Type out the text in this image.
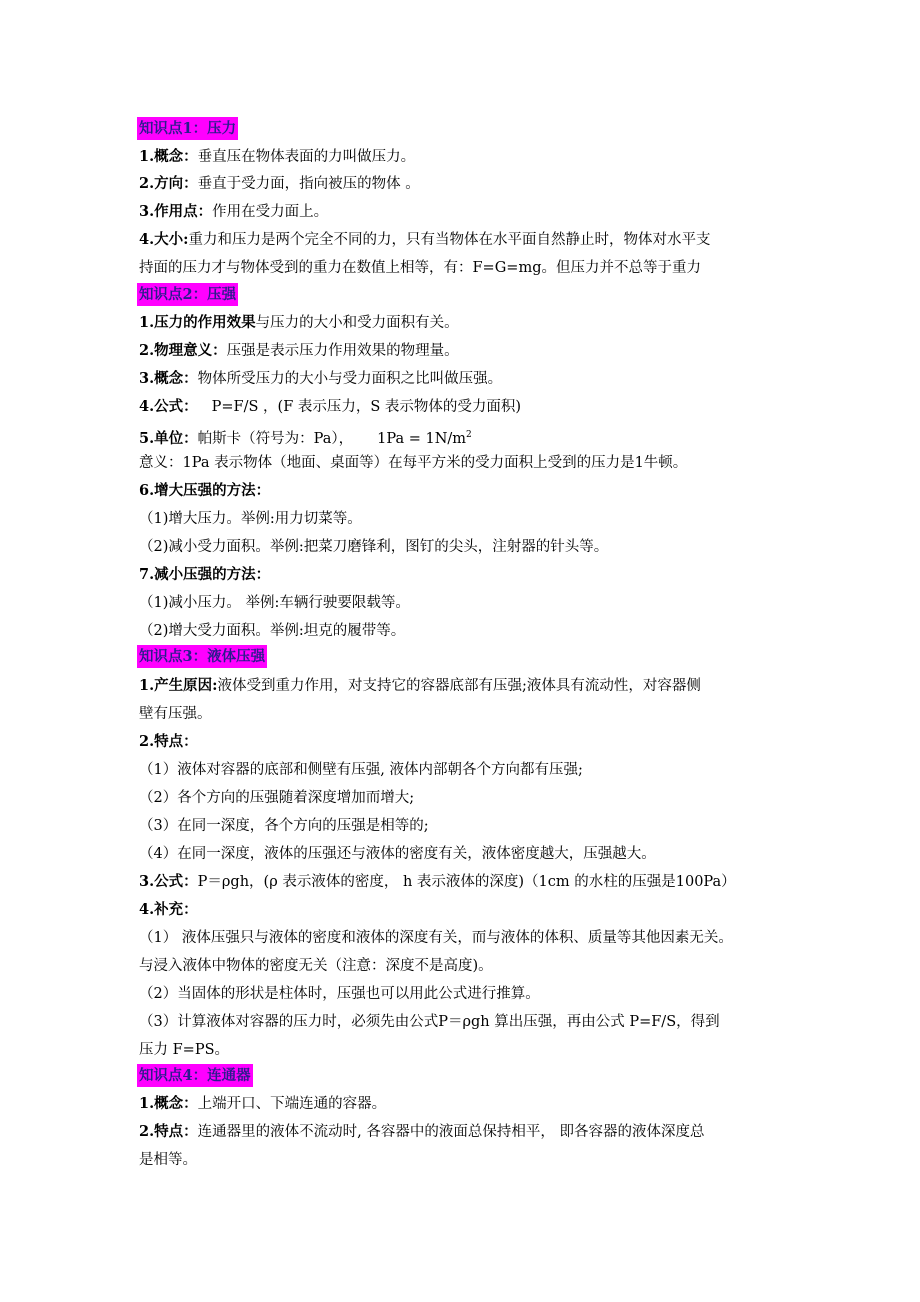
知识点1：压力
1.概念：垂直压在物体表面的力叫做压力。
2.方向：垂直于受力面，指向被压的物体 。
3.作用点：作用在受力面上。
4.大小:重力和压力是两个完全不同的力，只有当物体在水平面自然静止时，物体对水平支
持面的压力才与物体受到的重力在数值上相等，有：F=G=mg。但压力并不总等于重力
知识点2：压强
1.压力的作用效果与压力的大小和受力面积有关。
2.物理意义：压强是表示压力作用效果的物理量。
3.概念：物体所受压力的大小与受力面积之比叫做压强。
4.公式： P=F/S ，(F 表示压力，S 表示物体的受力面积)
5.单位：帕斯卡（符号为：Pa）， $1Pa = 1N/m^2$
意义：1Pa 表示物体（地面、桌面等）在每平方米的受力面积上受到的压力是1牛顿。
6.增大压强的方法：
（1)增大压力。举例:用力切菜等。
（2)减小受力面积。举例:把菜刀磨锋利，图钉的尖头，注射器的针头等。
7.减小压强的方法：
（1)减小压力。 举例:车辆行驶要限载等。
（2)增大受力面积。举例:坦克的履带等。
知识点3：液体压强
1.产生原因:液体受到重力作用，对支持它的容器底部有压强;液体具有流动性，对容器侧
壁有压强。
2.特点：
（1）液体对容器的底部和侧壁有压强, 液体内部朝各个方向都有压强;
（2）各个方向的压强随着深度增加而增大;
（3）在同一深度，各个方向的压强是相等的;
（4）在同一深度，液体的压强还与液体的密度有关，液体密度越大，压强越大。
3.公式：P＝ρgh，(ρ 表示液体的密度， h 表示液体的深度)（1cm 的水柱的压强是100Pa）
4.补充：
（1） 液体压强只与液体的密度和液体的深度有关，而与液体的体积、质量等其他因素无关。
与浸入液体中物体的密度无关（注意：深度不是高度)。
（2）当固体的形状是柱体时，压强也可以用此公式进行推算。
（3）计算液体对容器的压力时，必须先由公式P＝ρgh 算出压强，再由公式 P=F/S，得到
压力 F=PS。
知识点4：连通器
1.概念：上端开口、下端连通的容器。
2.特点：连通器里的液体不流动时, 各容器中的液面总保持相平， 即各容器的液体深度总
是相等。
